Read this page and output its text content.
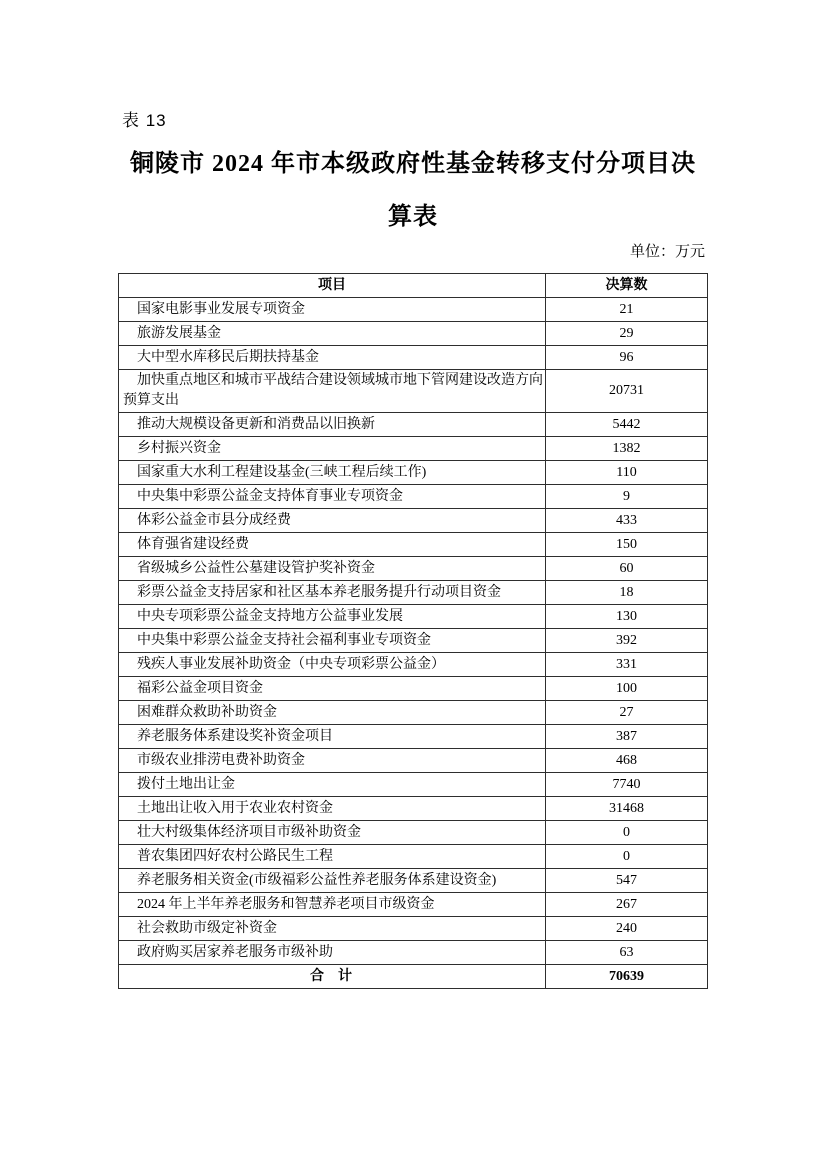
表 13
铜陵市 2024 年市本级政府性基金转移支付分项目决
算表
单位：万元
项目	决算数
国家电影事业发展专项资金	21
旅游发展基金	29
大中型水库移民后期扶持基金	96
加快重点地区和城市平战结合建设领域城市地下管网建设改造方向预算支出	20731
推动大规模设备更新和消费品以旧换新	5442
乡村振兴资金	1382
国家重大水利工程建设基金(三峡工程后续工作)	110
中央集中彩票公益金支持体育事业专项资金	9
体彩公益金市县分成经费	433
体育强省建设经费	150
省级城乡公益性公墓建设管护奖补资金	60
彩票公益金支持居家和社区基本养老服务提升行动项目资金	18
中央专项彩票公益金支持地方公益事业发展	130
中央集中彩票公益金支持社会福利事业专项资金	392
残疾人事业发展补助资金（中央专项彩票公益金）	331
福彩公益金项目资金	100
困难群众救助补助资金	27
养老服务体系建设奖补资金项目	387
市级农业排涝电费补助资金	468
拨付土地出让金	7740
土地出让收入用于农业农村资金	31468
壮大村级集体经济项目市级补助资金	0
普农集团四好农村公路民生工程	0
养老服务相关资金(市级福彩公益性养老服务体系建设资金)	547
2024 年上半年养老服务和智慧养老项目市级资金	267
社会救助市级定补资金	240
政府购买居家养老服务市级补助	63
合　计	70639
